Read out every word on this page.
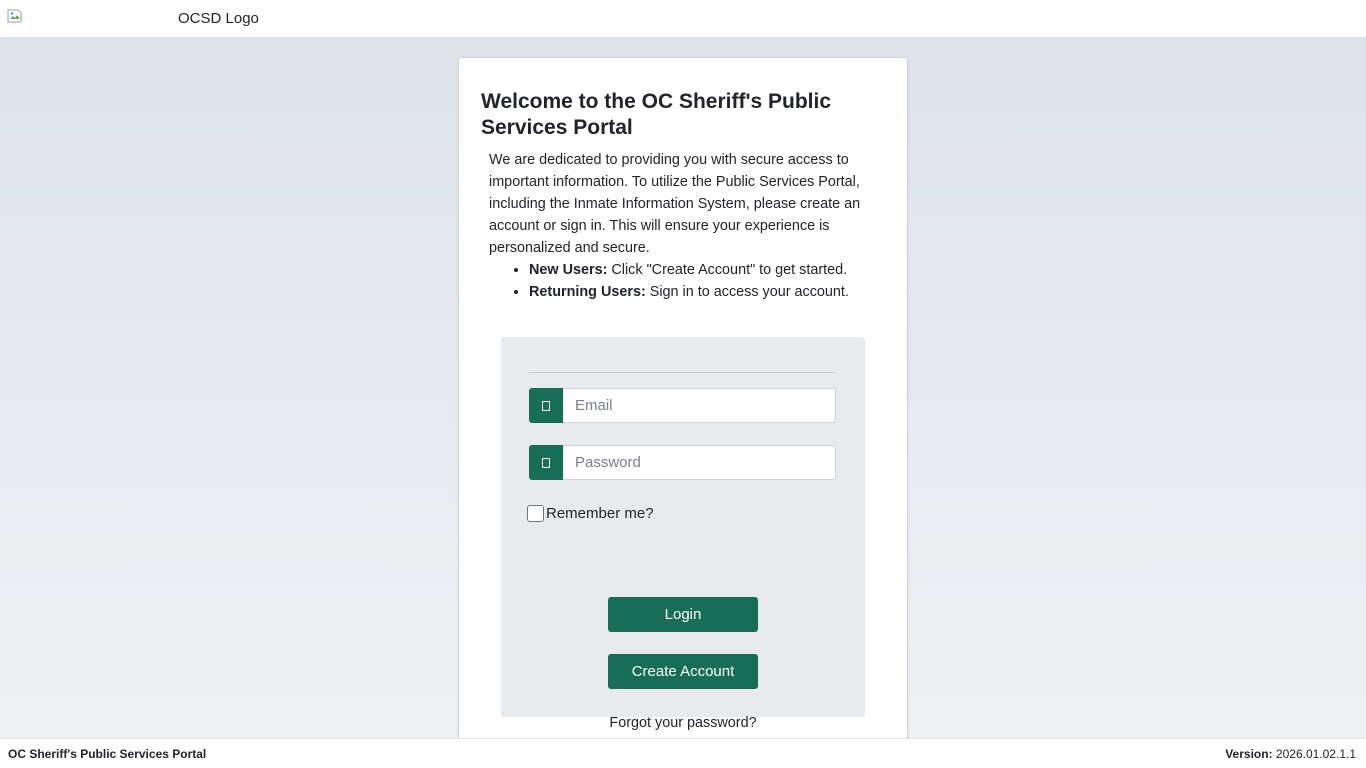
OCSD Logo
Welcome to the OC Sheriff's Public Services Portal

We are dedicated to providing you with secure access to important information. To utilize the Public Services Portal, including the Inmate Information System, please create an account or sign in. This will ensure your experience is personalized and secure.

• New Users: Click "Create Account" to get started.
• Returning Users: Sign in to access your account.
Email
Remember me?
Login
Create Account
Forgot your password?
OC Sheriff's Public Services Portal	Version: 2026.01.02.1.1
